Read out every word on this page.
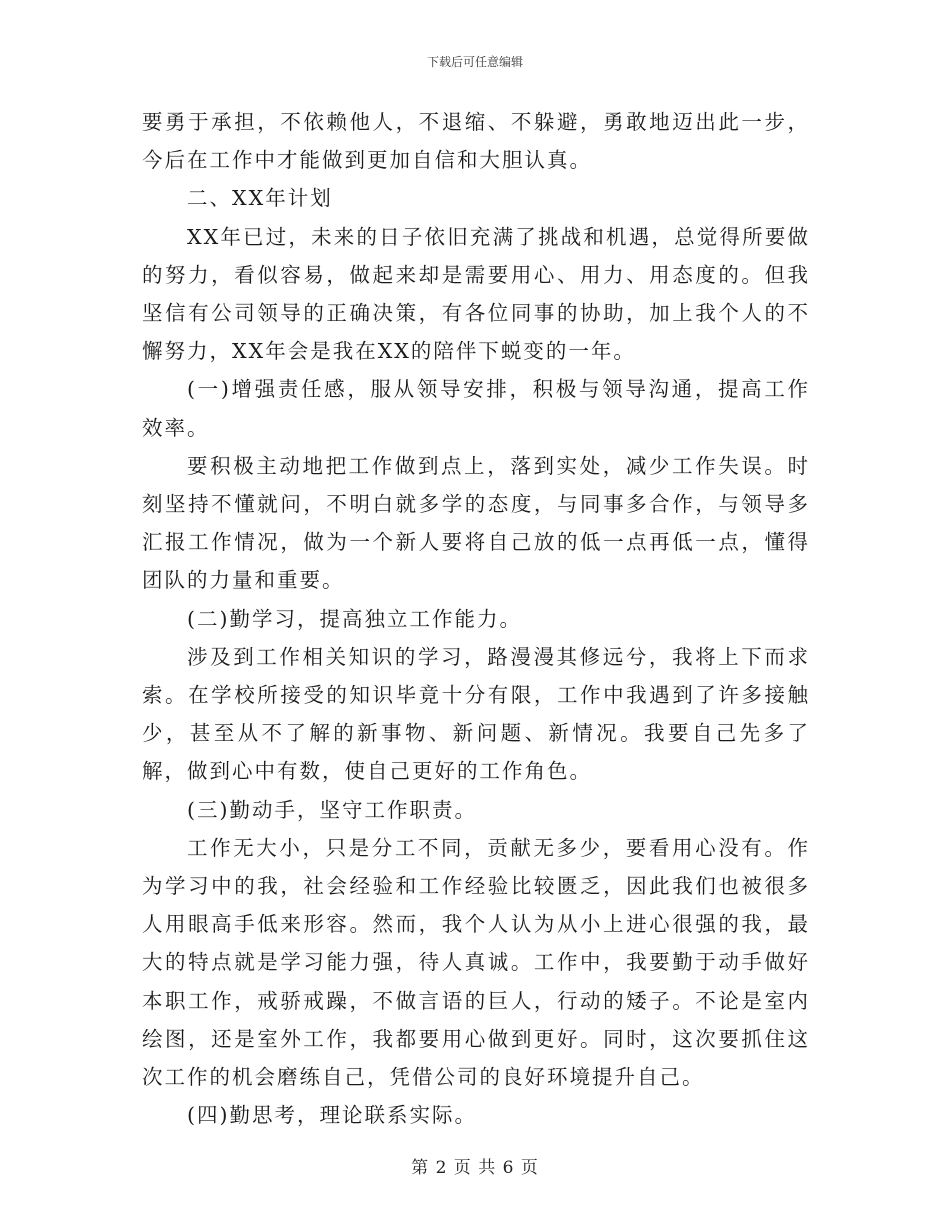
下载后可任意编辑

要勇于承担，不依赖他人，不退缩、不躲避，勇敢地迈出此一步，今后在工作中才能做到更加自信和大胆认真。

二、XX年计划

XX年已过，未来的日子依旧充满了挑战和机遇，总觉得所要做的努力，看似容易，做起来却是需要用心、用力、用态度的。但我坚信有公司领导的正确决策，有各位同事的协助，加上我个人的不懈努力，XX年会是我在XX的陪伴下蜕变的一年。

(一)增强责任感，服从领导安排，积极与领导沟通，提高工作效率。

要积极主动地把工作做到点上，落到实处，减少工作失误。时刻坚持不懂就问，不明白就多学的态度，与同事多合作，与领导多汇报工作情况，做为一个新人要将自己放的低一点再低一点，懂得团队的力量和重要。

(二)勤学习，提高独立工作能力。

涉及到工作相关知识的学习，路漫漫其修远兮，我将上下而求索。在学校所接受的知识毕竟十分有限，工作中我遇到了许多接触少，甚至从不了解的新事物、新问题、新情况。我要自己先多了解，做到心中有数，使自己更好的工作角色。

(三)勤动手，坚守工作职责。

工作无大小，只是分工不同，贡献无多少，要看用心没有。作为学习中的我，社会经验和工作经验比较匮乏，因此我们也被很多人用眼高手低来形容。然而，我个人认为从小上进心很强的我，最大的特点就是学习能力强，待人真诚。工作中，我要勤于动手做好本职工作，戒骄戒躁，不做言语的巨人，行动的矮子。不论是室内绘图，还是室外工作，我都要用心做到更好。同时，这次要抓住这次工作的机会磨练自己，凭借公司的良好环境提升自己。

(四)勤思考，理论联系实际。

第 2 页 共 6 页
